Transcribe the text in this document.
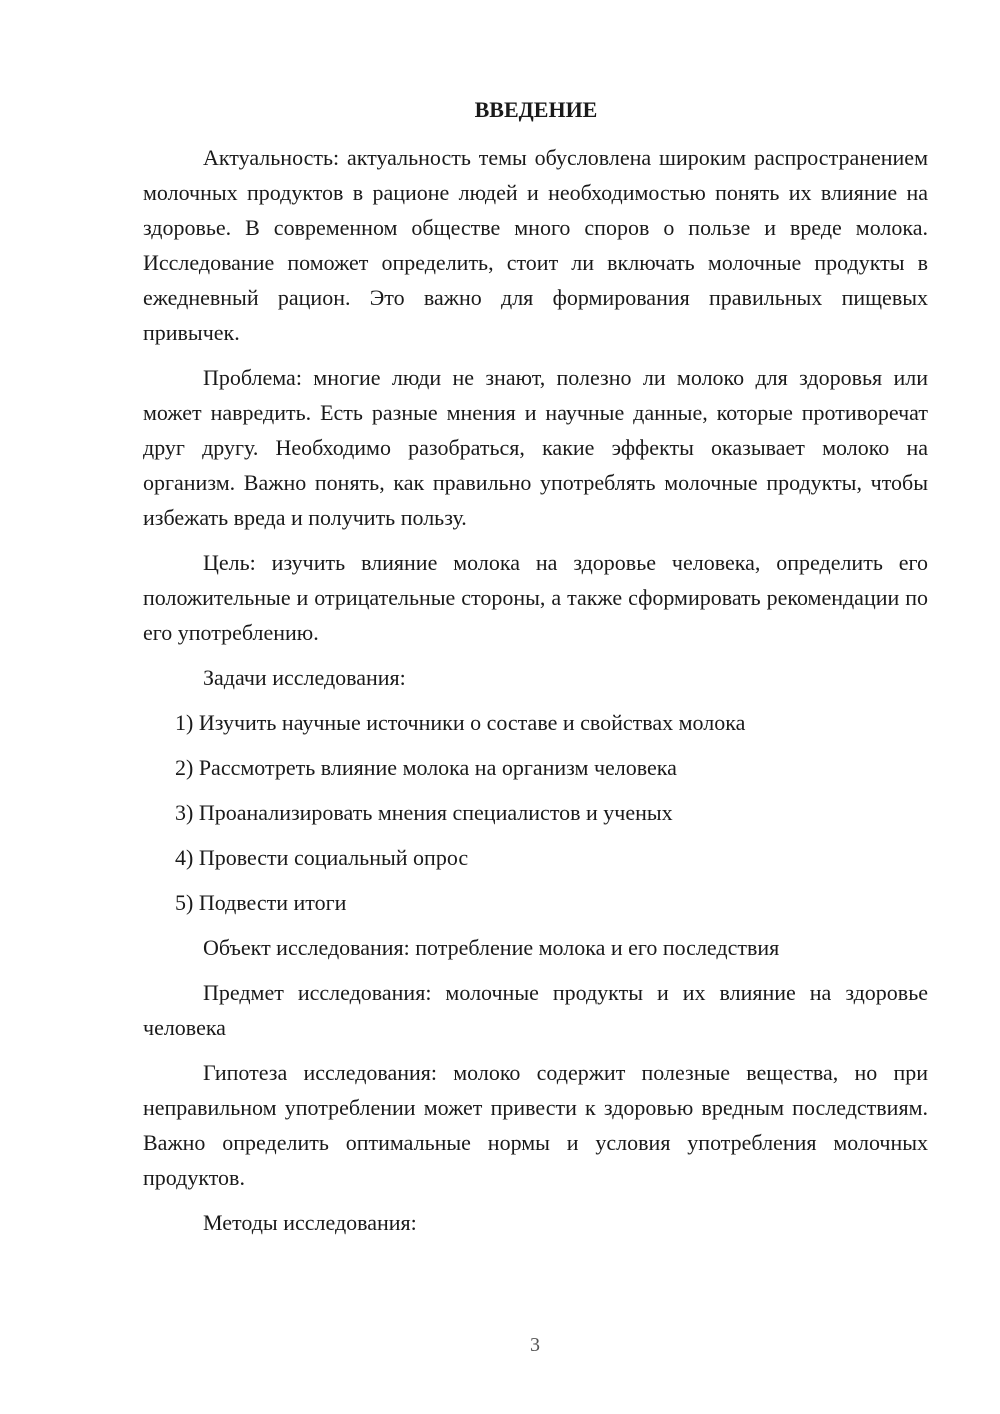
ВВЕДЕНИЕ

Актуальность: актуальность темы обусловлена широким распространением молочных продуктов в рационе людей и необходимостью понять их влияние на здоровье. В современном обществе много споров о пользе и вреде молока. Исследование поможет определить, стоит ли включать молочные продукты в ежедневный рацион. Это важно для формирования правильных пищевых привычек.

Проблема: многие люди не знают, полезно ли молоко для здоровья или может навредить. Есть разные мнения и научные данные, которые противоречат друг другу. Необходимо разобраться, какие эффекты оказывает молоко на организм. Важно понять, как правильно употреблять молочные продукты, чтобы избежать вреда и получить пользу.

Цель: изучить влияние молока на здоровье человека, определить его положительные и отрицательные стороны, а также сформировать рекомендации по его употреблению.

Задачи исследования:

1) Изучить научные источники о составе и свойствах молока
2) Рассмотреть влияние молока на организм человека
3) Проанализировать мнения специалистов и ученых
4) Провести социальный опрос
5) Подвести итоги

Объект исследования: потребление молока и его последствия

Предмет исследования: молочные продукты и их влияние на здоровье человека

Гипотеза исследования: молоко содержит полезные вещества, но при неправильном употреблении может привести к здоровью вредным последствиям. Важно определить оптимальные нормы и условия употребления молочных продуктов.

Методы исследования:

3
